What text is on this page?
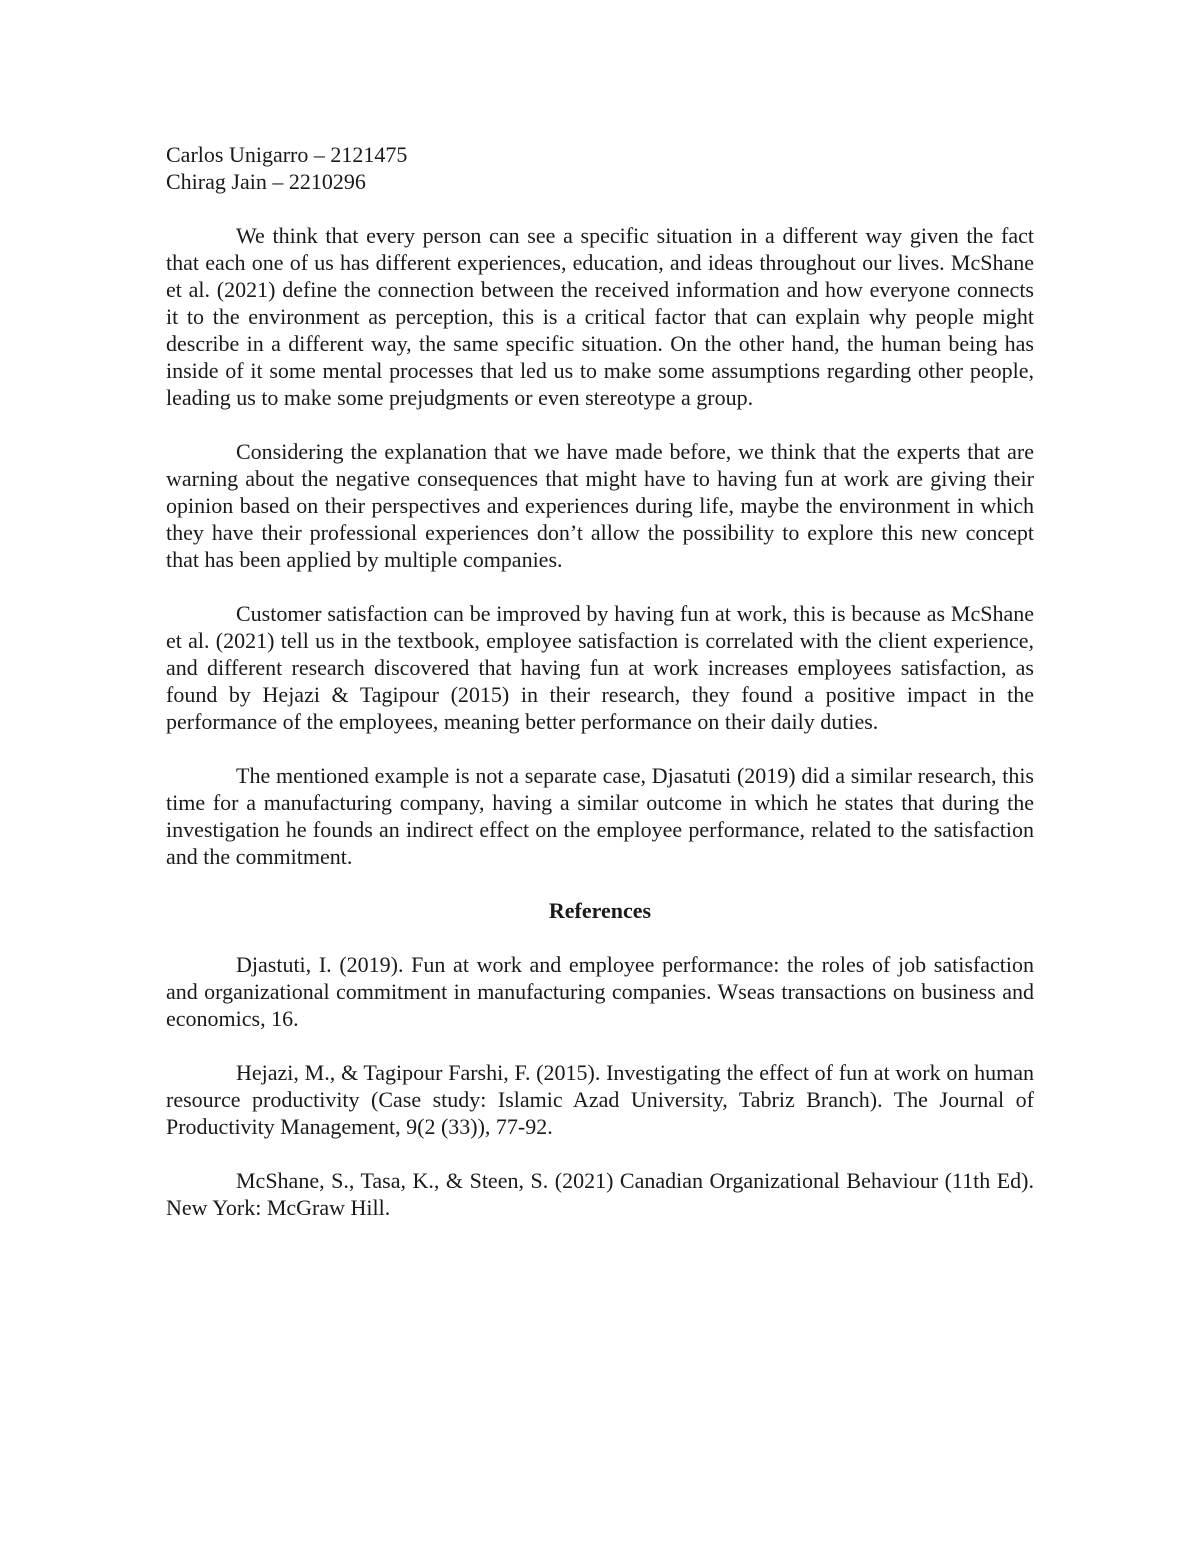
Carlos Unigarro – 2121475

Chirag Jain – 2210296

We think that every person can see a specific situation in a different way given the fact that each one of us has different experiences, education, and ideas throughout our lives. McShane et al. (2021) define the connection between the received information and how everyone connects it to the environment as perception, this is a critical factor that can explain why people might describe in a different way, the same specific situation. On the other hand, the human being has inside of it some mental processes that led us to make some assumptions regarding other people, leading us to make some prejudgments or even stereotype a group.

Considering the explanation that we have made before, we think that the experts that are warning about the negative consequences that might have to having fun at work are giving their opinion based on their perspectives and experiences during life, maybe the environment in which they have their professional experiences don’t allow the possibility to explore this new concept that has been applied by multiple companies.

Customer satisfaction can be improved by having fun at work, this is because as McShane et al. (2021) tell us in the textbook, employee satisfaction is correlated with the client experience, and different research discovered that having fun at work increases employees satisfaction, as found by Hejazi & Tagipour (2015) in their research, they found a positive impact in the performance of the employees, meaning better performance on their daily duties.

The mentioned example is not a separate case, Djasatuti (2019) did a similar research, this time for a manufacturing company, having a similar outcome in which he states that during the investigation he founds an indirect effect on the employee performance, related to the satisfaction and the commitment.

References

Djastuti, I. (2019). Fun at work and employee performance: the roles of job satisfaction and organizational commitment in manufacturing companies. Wseas transactions on business and economics, 16.

Hejazi, M., & Tagipour Farshi, F. (2015). Investigating the effect of fun at work on human resource productivity (Case study: Islamic Azad University, Tabriz Branch). The Journal of Productivity Management, 9(2 (33)), 77-92.

McShane, S., Tasa, K., & Steen, S. (2021) Canadian Organizational Behaviour (11th Ed). New York: McGraw Hill.
